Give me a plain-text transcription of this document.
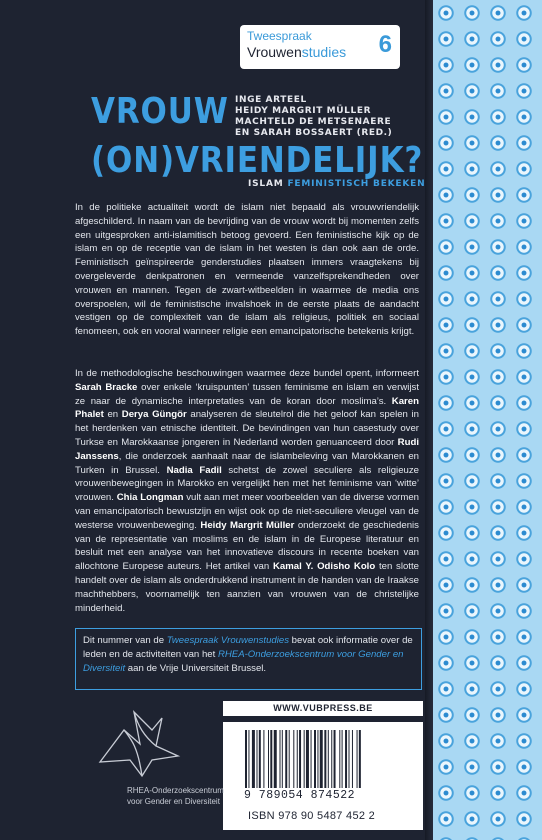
Tweespraak
Vrouwenstudies 6
VROUW
(ON)VRIENDELIJK?
INGE ARTEEL
HEIDY MARGRIT MÜLLER
MACHTELD DE METSENAERE
EN SARAH BOSSAERT (RED.)
ISLAM FEMINISTISCH BEKEKEN
In de politieke actualiteit wordt de islam niet bepaald als vrouwvriendelijk afgeschilderd. In naam van de bevrijding van de vrouw wordt bij momenten zelfs een uitgesproken anti-islamitisch betoog gevoerd. Een feministische kijk op de islam en op de receptie van de islam in het westen is dan ook aan de orde. Feministisch geïnspireerde genderstudies plaatsen immers vraagtekens bij overgeleverde denkpatronen en vermeende vanzelfsprekendheden over vrouwen en mannen. Tegen de zwart-witbeelden in waarmee de media ons overspoelen, wil de feministische invalshoek in de eerste plaats de aandacht vestigen op de complexiteit van de islam als religieus, politiek en sociaal fenomeen, ook en vooral wanneer religie een emancipatorische betekenis krijgt.
In de methodologische beschouwingen waarmee deze bundel opent, informeert Sarah Bracke over enkele ‘kruispunten’ tussen feminisme en islam en verwijst ze naar de dynamische interpretaties van de koran door moslima’s. Karen Phalet en Derya Güngör analyseren de sleutelrol die het geloof kan spelen in het herdenken van etnische identiteit. De bevindingen van hun casestudy over Turkse en Marokkaanse jongeren in Nederland worden genuanceerd door Rudi Janssens, die onderzoek aanhaalt naar de islambeleving van Marokkanen en Turken in Brussel. Nadia Fadil schetst de zowel seculiere als religieuze vrouwenbewegingen in Marokko en vergelijkt hen met het feminisme van ‘witte’ vrouwen. Chia Longman vult aan met meer voorbeelden van de diverse vormen van emancipatorisch bewustzijn en wijst ook op de niet-seculiere vleugel van de westerse vrouwenbeweging. Heidy Margrit Müller onderzoekt de geschiedenis van de representatie van moslims en de islam in de Europese literatuur en besluit met een analyse van het innovatieve discours in recente boeken van allochtone Europese auteurs. Het artikel van Kamal Y. Odisho Kolo ten slotte handelt over de islam als onderdrukkend instrument in de handen van de Iraakse machthebbers, voornamelijk ten aanzien van vrouwen van de christelijke minderheid.
Dit nummer van de Tweespraak Vrouwenstudies bevat ook informatie over de leden en de activiteiten van het RHEA-Onderzoekscentrum voor Gender en Diversiteit aan de Vrije Universiteit Brussel.
WWW.VUBPRESS.BE
9 789054 874522
ISBN 978 90 5487 452 2
RHEA-Onderzoekscentrum
voor Gender en Diversiteit
